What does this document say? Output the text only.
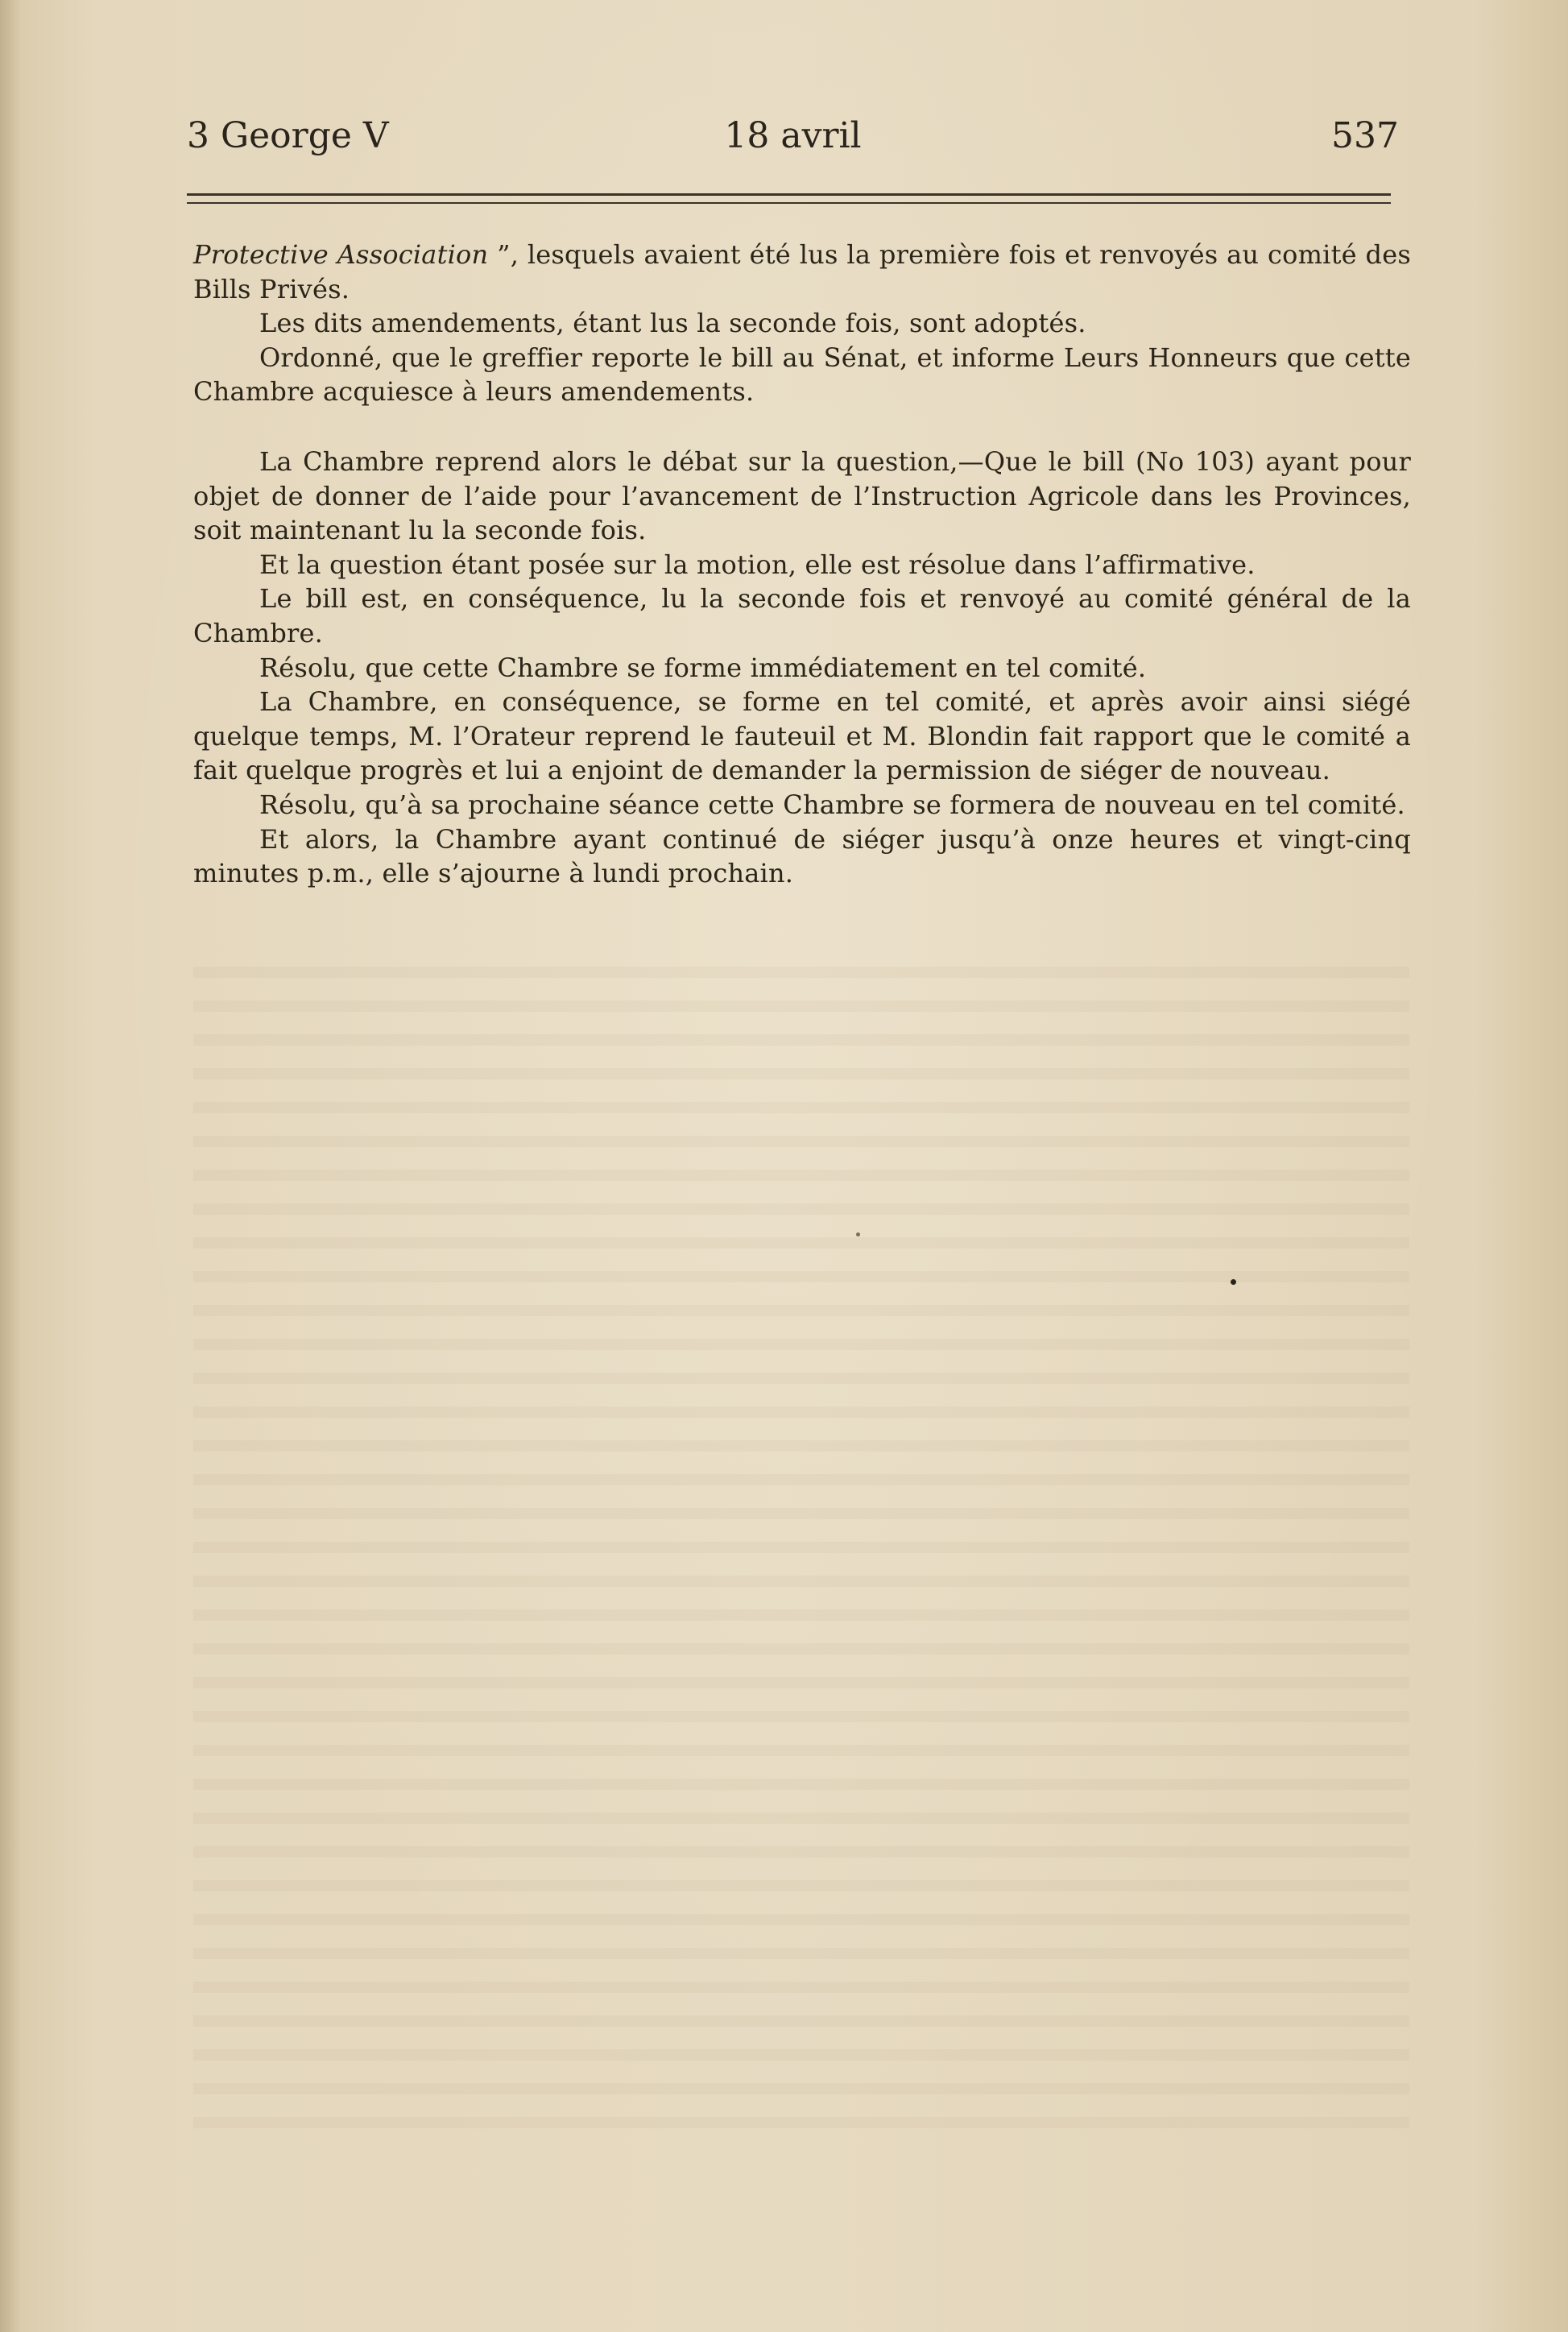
3 George V	18 avril	537

Protective Association ”, lesquels avaient été lus la première fois et renvoyés au comité des Bills Privés.

Les dits amendements, étant lus la seconde fois, sont adoptés.

Ordonné, que le greffier reporte le bill au Sénat, et informe Leurs Honneurs que cette Chambre acquiesce à leurs amendements.

La Chambre reprend alors le débat sur la question,—Que le bill (No 103) ayant pour objet de donner de l’aide pour l’avancement de l’Instruction Agricole dans les Provinces, soit maintenant lu la seconde fois.

Et la question étant posée sur la motion, elle est résolue dans l’affirmative.

Le bill est, en conséquence, lu la seconde fois et renvoyé au comité général de la Chambre.

Résolu, que cette Chambre se forme immédiatement en tel comité.

La Chambre, en conséquence, se forme en tel comité, et après avoir ainsi siégé quelque temps, M. l’Orateur reprend le fauteuil et M. Blondin fait rapport que le comité a fait quelque progrès et lui a enjoint de demander la permission de siéger de nouveau.

Résolu, qu’à sa prochaine séance cette Chambre se formera de nouveau en tel comité.

Et alors, la Chambre ayant continué de siéger jusqu’à onze heures et vingt-cinq minutes p.m., elle s’ajourne à lundi prochain.
